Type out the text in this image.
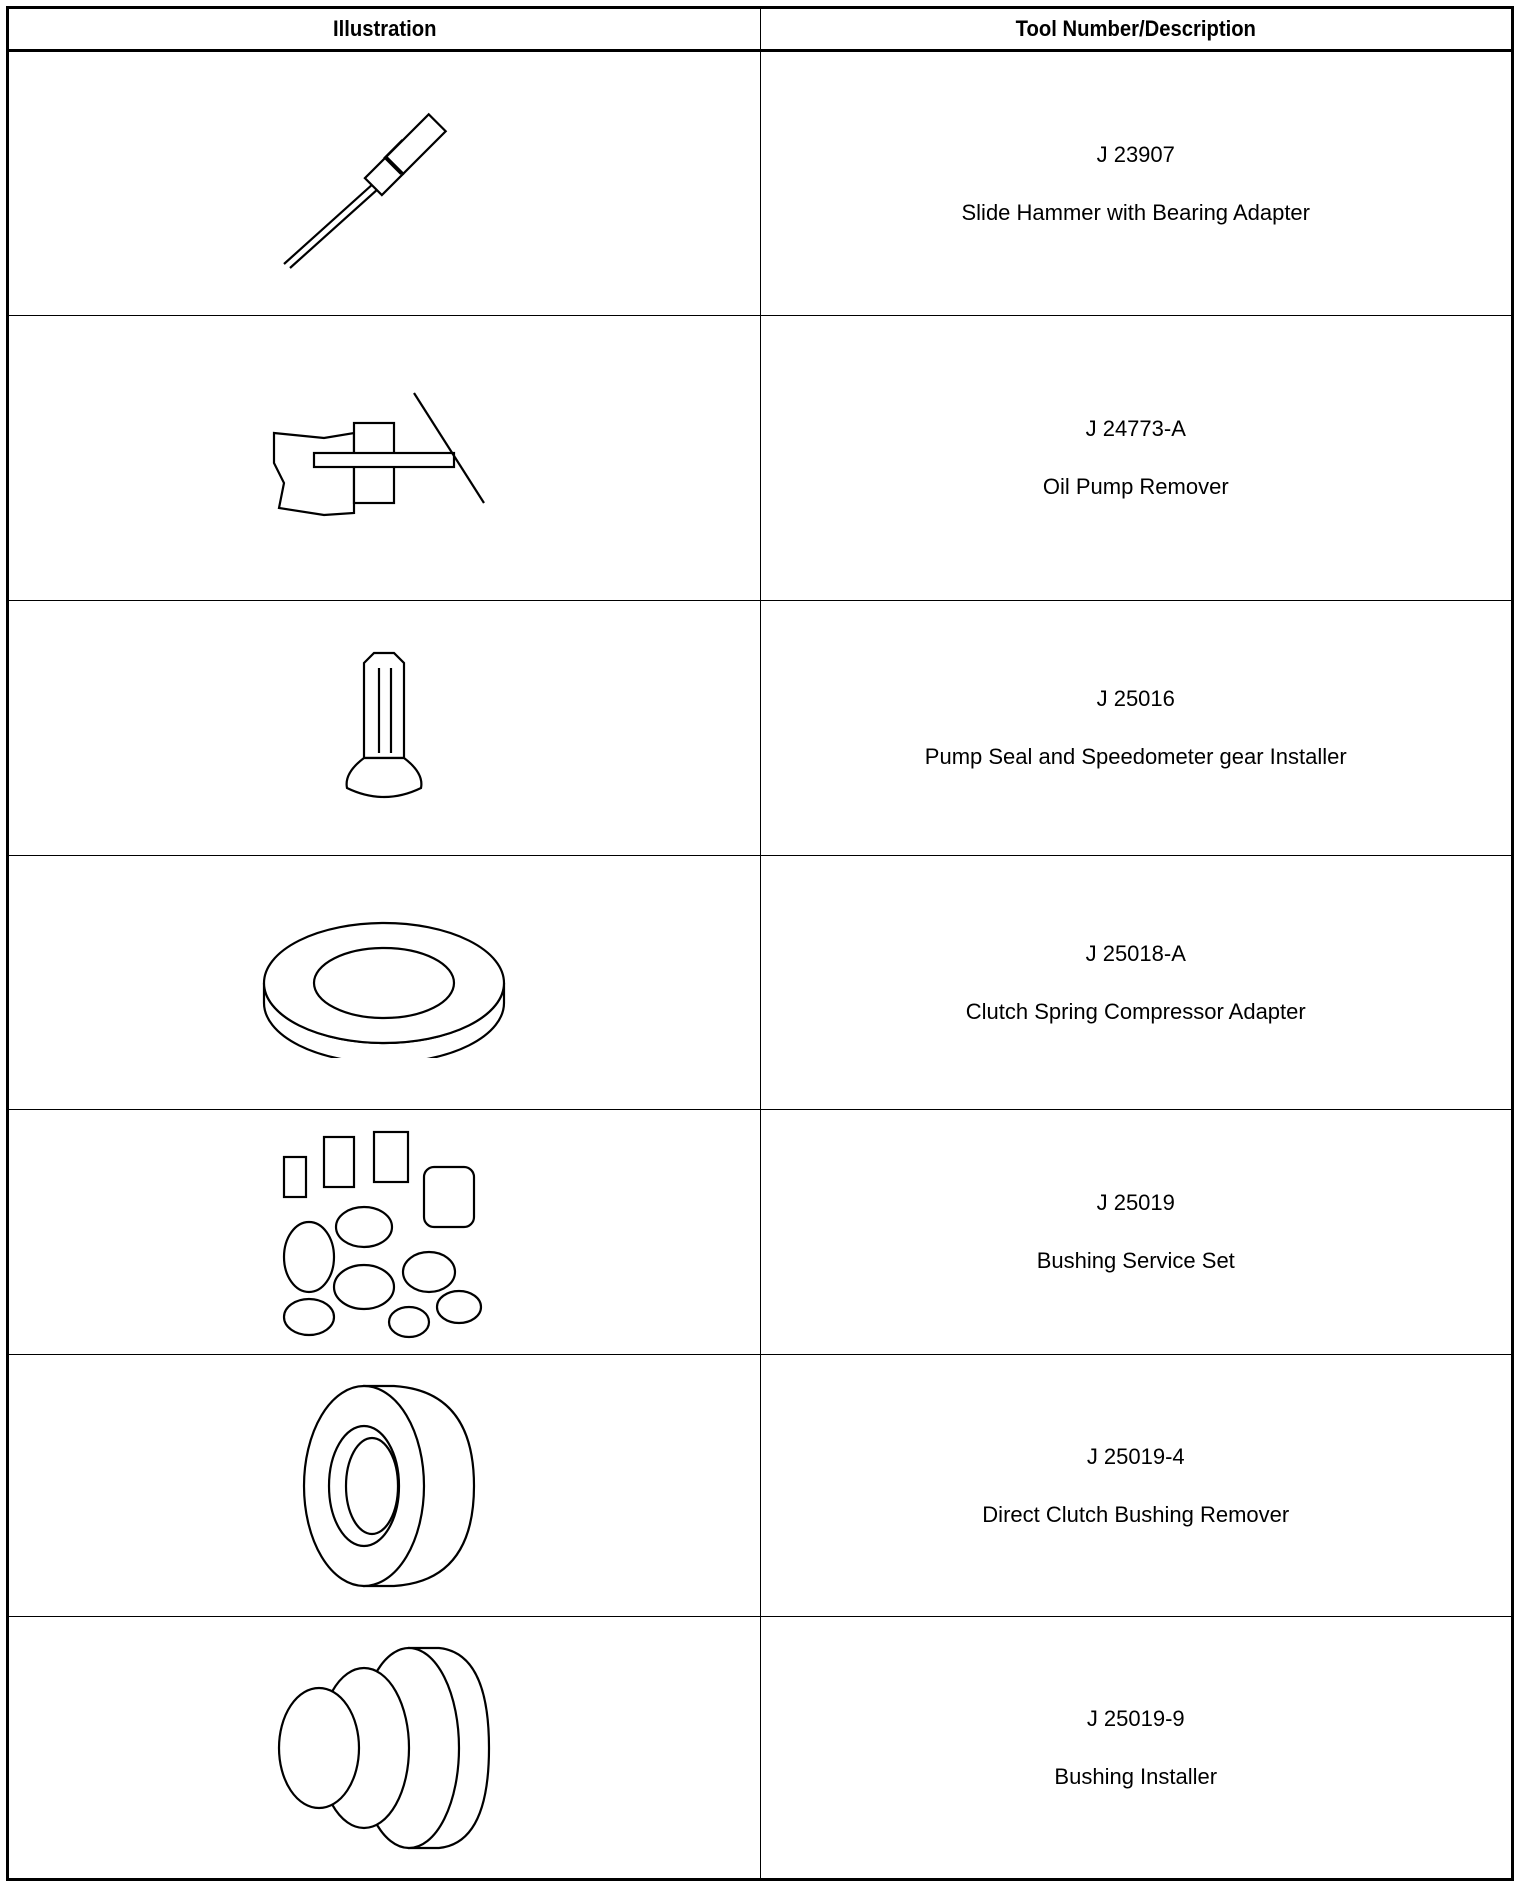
Illustration	Tool Number/Description

J 23907
Slide Hammer with Bearing Adapter

J 24773-A
Oil Pump Remover

J 25016
Pump Seal and Speedometer gear Installer

J 25018-A
Clutch Spring Compressor Adapter

J 25019
Bushing Service Set

J 25019-4
Direct Clutch Bushing Remover

J 25019-9
Bushing Installer
